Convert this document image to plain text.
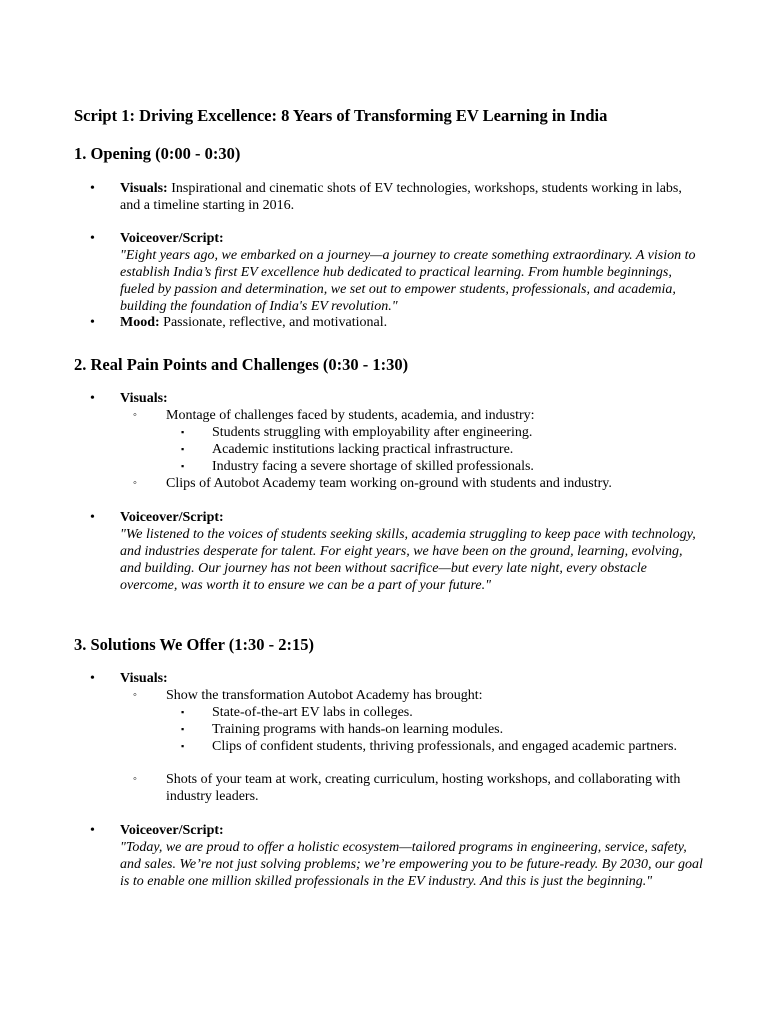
Script 1: Driving Excellence: 8 Years of Transforming EV Learning in India
1. Opening (0:00 - 0:30)
•	Visuals: Inspirational and cinematic shots of EV technologies, workshops, students working in labs, and a timeline starting in 2016.
•	Voiceover/Script:
"Eight years ago, we embarked on a journey—a journey to create something extraordinary. A vision to establish India’s first EV excellence hub dedicated to practical learning. From humble beginnings, fueled by passion and determination, we set out to empower students, professionals, and academia, building the foundation of India's EV revolution."
•	Mood: Passionate, reflective, and motivational.
2. Real Pain Points and Challenges (0:30 - 1:30)
•	Visuals:
◦ Montage of challenges faced by students, academia, and industry:
▪ Students struggling with employability after engineering.
▪ Academic institutions lacking practical infrastructure.
▪ Industry facing a severe shortage of skilled professionals.
◦ Clips of Autobot Academy team working on-ground with students and industry.
•	Voiceover/Script:
"We listened to the voices of students seeking skills, academia struggling to keep pace with technology, and industries desperate for talent. For eight years, we have been on the ground, learning, evolving, and building. Our journey has not been without sacrifice—but every late night, every obstacle overcome, was worth it to ensure we can be a part of your future."
3. Solutions We Offer (1:30 - 2:15)
•	Visuals:
◦ Show the transformation Autobot Academy has brought:
▪ State-of-the-art EV labs in colleges.
▪ Training programs with hands-on learning modules.
▪ Clips of confident students, thriving professionals, and engaged academic partners.
◦ Shots of your team at work, creating curriculum, hosting workshops, and collaborating with industry leaders.
•	Voiceover/Script:
"Today, we are proud to offer a holistic ecosystem—tailored programs in engineering, service, safety, and sales. We’re not just solving problems; we’re empowering you to be future-ready. By 2030, our goal is to enable one million skilled professionals in the EV industry. And this is just the beginning."
